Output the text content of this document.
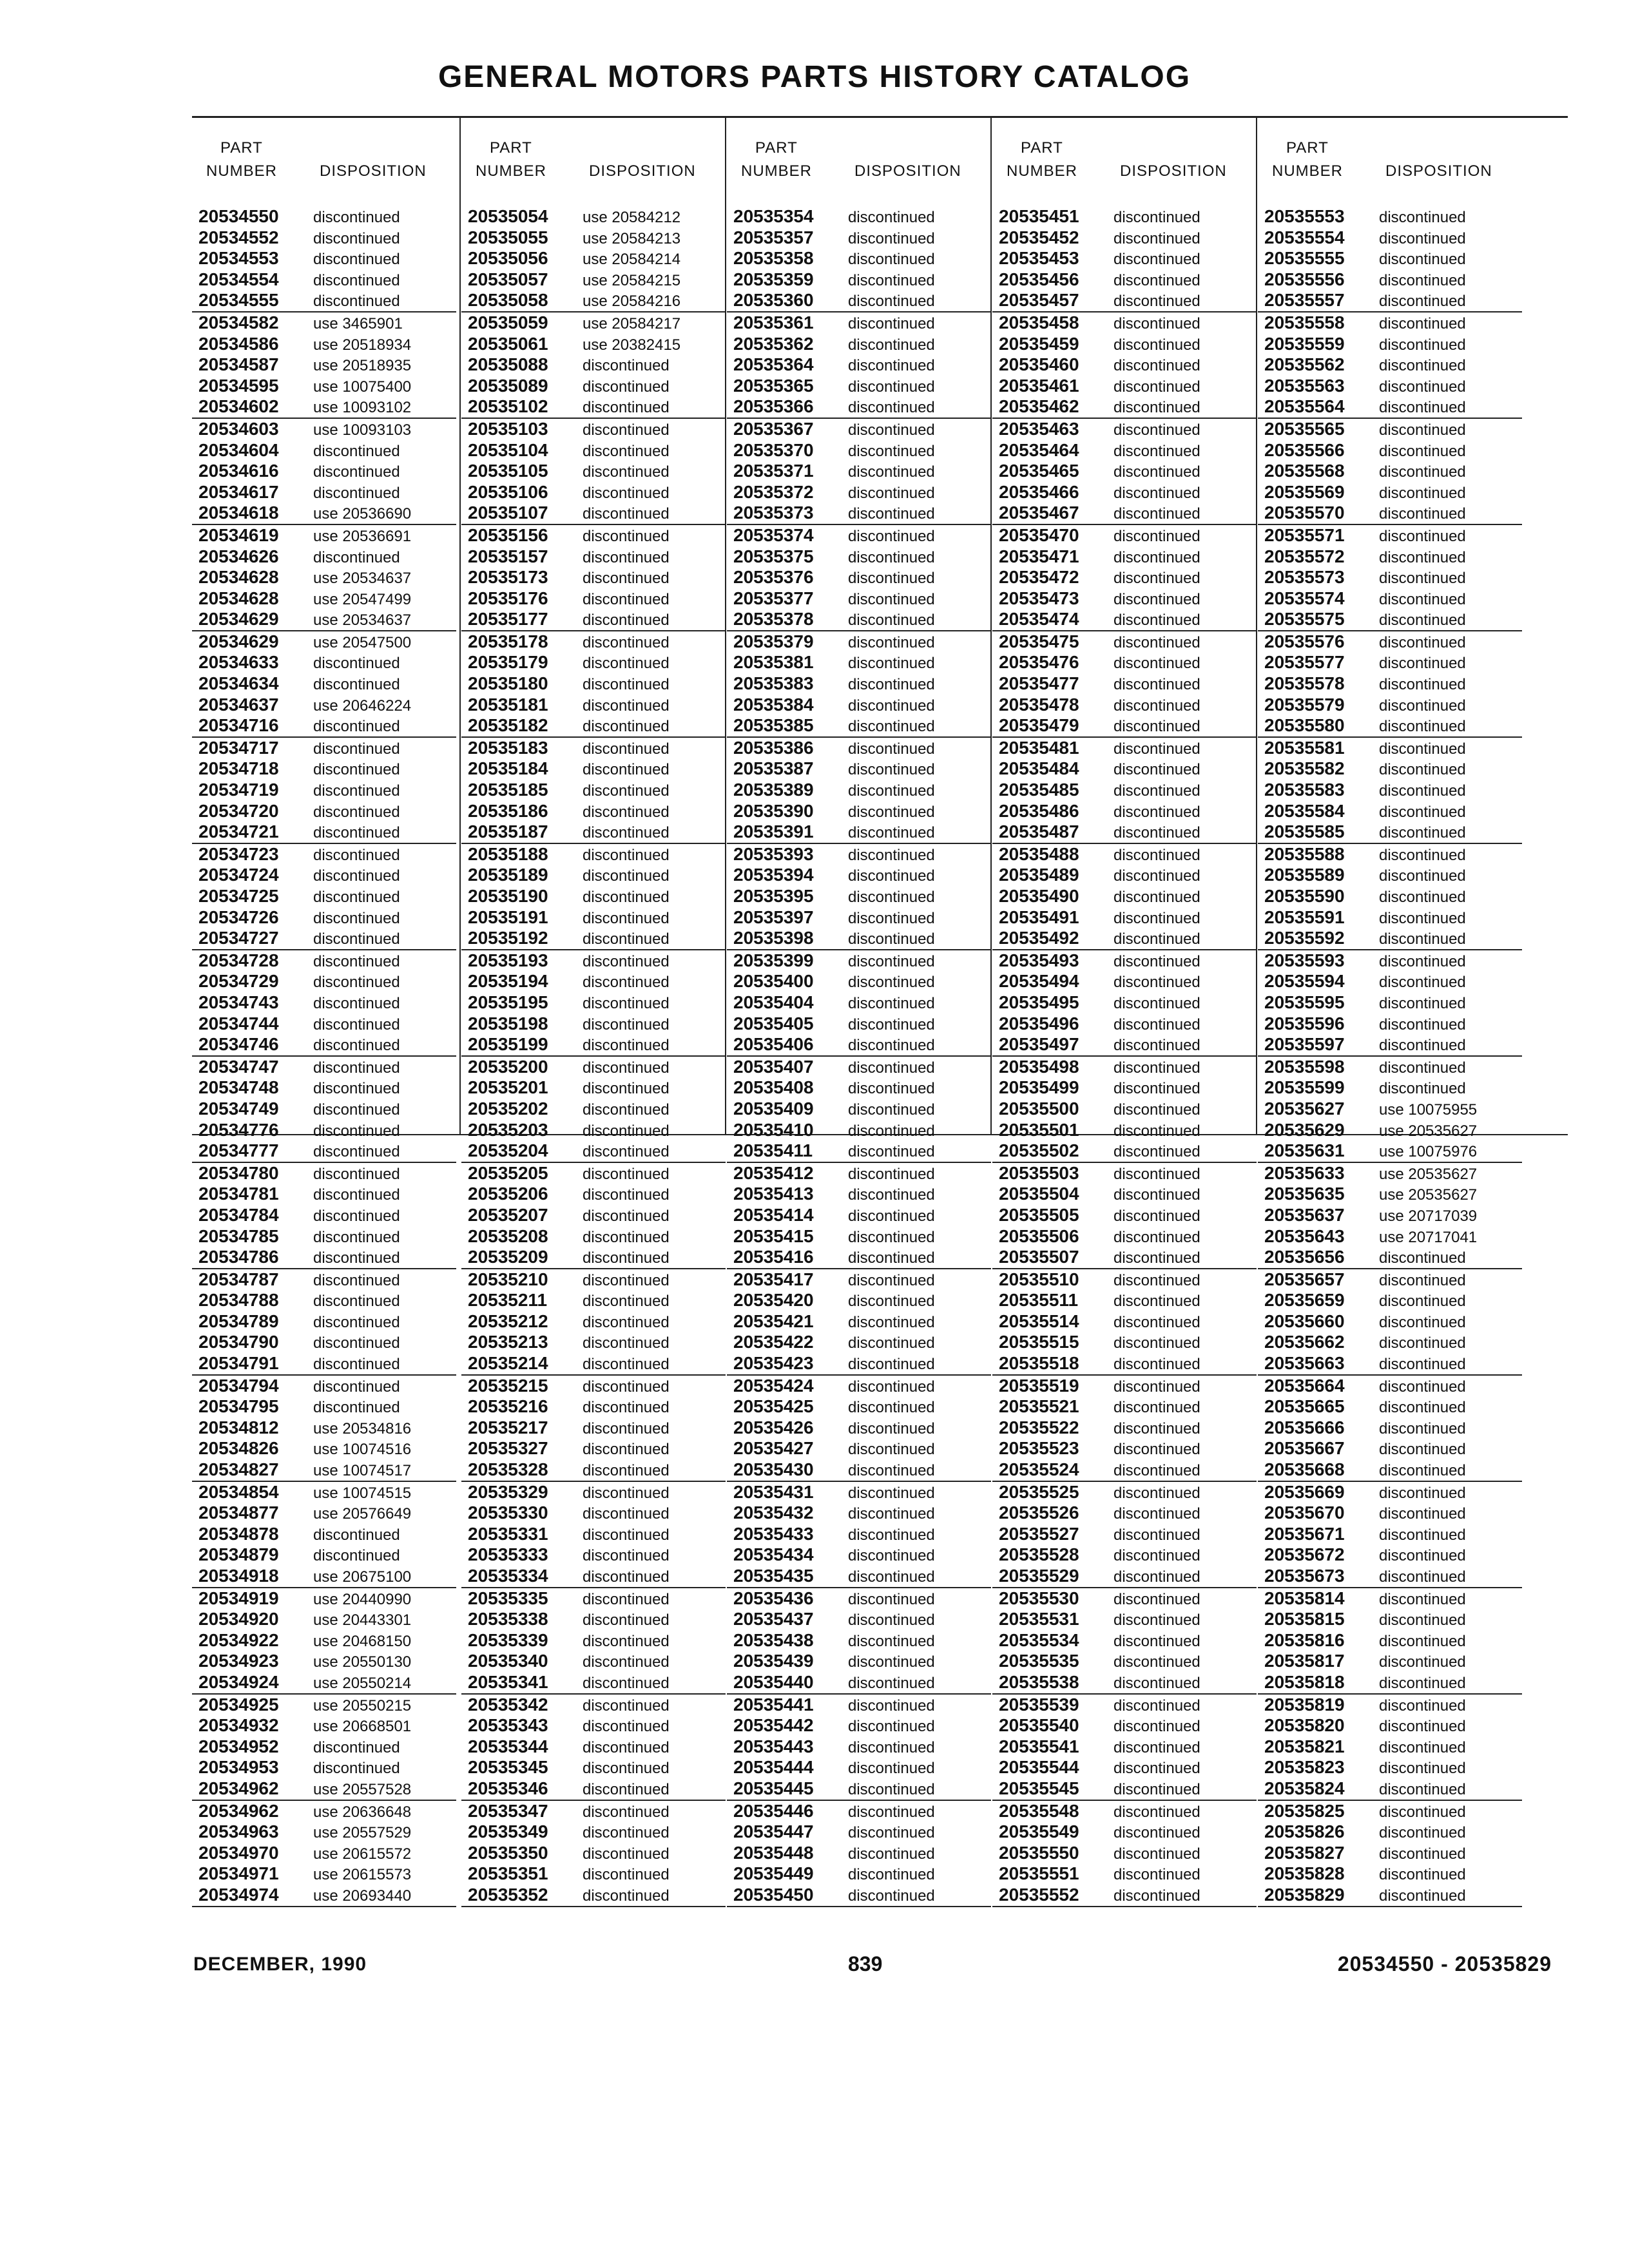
GENERAL MOTORS PARTS HISTORY CATALOG
PART
NUMBER	DISPOSITION
20534550 discontinued
20534552 discontinued
20534553 discontinued
20534554 discontinued
20534555 discontinued
20534582 use 3465901
20534586 use 20518934
20534587 use 20518935
20534595 use 10075400
20534602 use 10093102
20534603 use 10093103
20534604 discontinued
20534616 discontinued
20534617 discontinued
20534618 use 20536690
20534619 use 20536691
20534626 discontinued
20534628 use 20534637
20534628 use 20547499
20534629 use 20534637
20534629 use 20547500
20534633 discontinued
20534634 discontinued
20534637 use 20646224
20534716 discontinued
20534717 discontinued
20534718 discontinued
20534719 discontinued
20534720 discontinued
20534721 discontinued
20534723 discontinued
20534724 discontinued
20534725 discontinued
20534726 discontinued
20534727 discontinued
20534728 discontinued
20534729 discontinued
20534743 discontinued
20534744 discontinued
20534746 discontinued
20534747 discontinued
20534748 discontinued
20534749 discontinued
20534776 discontinued
20534777 discontinued
20534780 discontinued
20534781 discontinued
20534784 discontinued
20534785 discontinued
20534786 discontinued
20534787 discontinued
20534788 discontinued
20534789 discontinued
20534790 discontinued
20534791 discontinued
20534794 discontinued
20534795 discontinued
20534812 use 20534816
20534826 use 10074516
20534827 use 10074517
20534854 use 10074515
20534877 use 20576649
20534878 discontinued
20534879 discontinued
20534918 use 20675100
20534919 use 20440990
20534920 use 20443301
20534922 use 20468150
20534923 use 20550130
20534924 use 20550214
20534925 use 20550215
20534932 use 20668501
20534952 discontinued
20534953 discontinued
20534962 use 20557528
20534962 use 20636648
20534963 use 20557529
20534970 use 20615572
20534971 use 20615573
20534974 use 20693440
PART
NUMBER	DISPOSITION
20535054 use 20584212
20535055 use 20584213
20535056 use 20584214
20535057 use 20584215
20535058 use 20584216
20535059 use 20584217
20535061 use 20382415
20535088 discontinued
20535089 discontinued
20535102 discontinued
20535103 discontinued
20535104 discontinued
20535105 discontinued
20535106 discontinued
20535107 discontinued
20535156 discontinued
20535157 discontinued
20535173 discontinued
20535176 discontinued
20535177 discontinued
20535178 discontinued
20535179 discontinued
20535180 discontinued
20535181 discontinued
20535182 discontinued
20535183 discontinued
20535184 discontinued
20535185 discontinued
20535186 discontinued
20535187 discontinued
20535188 discontinued
20535189 discontinued
20535190 discontinued
20535191 discontinued
20535192 discontinued
20535193 discontinued
20535194 discontinued
20535195 discontinued
20535198 discontinued
20535199 discontinued
20535200 discontinued
20535201 discontinued
20535202 discontinued
20535203 discontinued
20535204 discontinued
20535205 discontinued
20535206 discontinued
20535207 discontinued
20535208 discontinued
20535209 discontinued
20535210 discontinued
20535211 discontinued
20535212 discontinued
20535213 discontinued
20535214 discontinued
20535215 discontinued
20535216 discontinued
20535217 discontinued
20535327 discontinued
20535328 discontinued
20535329 discontinued
20535330 discontinued
20535331 discontinued
20535333 discontinued
20535334 discontinued
20535335 discontinued
20535338 discontinued
20535339 discontinued
20535340 discontinued
20535341 discontinued
20535342 discontinued
20535343 discontinued
20535344 discontinued
20535345 discontinued
20535346 discontinued
20535347 discontinued
20535349 discontinued
20535350 discontinued
20535351 discontinued
20535352 discontinued
PART
NUMBER	DISPOSITION
20535354 discontinued
20535357 discontinued
20535358 discontinued
20535359 discontinued
20535360 discontinued
20535361 discontinued
20535362 discontinued
20535364 discontinued
20535365 discontinued
20535366 discontinued
20535367 discontinued
20535370 discontinued
20535371 discontinued
20535372 discontinued
20535373 discontinued
20535374 discontinued
20535375 discontinued
20535376 discontinued
20535377 discontinued
20535378 discontinued
20535379 discontinued
20535381 discontinued
20535383 discontinued
20535384 discontinued
20535385 discontinued
20535386 discontinued
20535387 discontinued
20535389 discontinued
20535390 discontinued
20535391 discontinued
20535393 discontinued
20535394 discontinued
20535395 discontinued
20535397 discontinued
20535398 discontinued
20535399 discontinued
20535400 discontinued
20535404 discontinued
20535405 discontinued
20535406 discontinued
20535407 discontinued
20535408 discontinued
20535409 discontinued
20535410 discontinued
20535411 discontinued
20535412 discontinued
20535413 discontinued
20535414 discontinued
20535415 discontinued
20535416 discontinued
20535417 discontinued
20535420 discontinued
20535421 discontinued
20535422 discontinued
20535423 discontinued
20535424 discontinued
20535425 discontinued
20535426 discontinued
20535427 discontinued
20535430 discontinued
20535431 discontinued
20535432 discontinued
20535433 discontinued
20535434 discontinued
20535435 discontinued
20535436 discontinued
20535437 discontinued
20535438 discontinued
20535439 discontinued
20535440 discontinued
20535441 discontinued
20535442 discontinued
20535443 discontinued
20535444 discontinued
20535445 discontinued
20535446 discontinued
20535447 discontinued
20535448 discontinued
20535449 discontinued
20535450 discontinued
PART
NUMBER	DISPOSITION
20535451 discontinued
20535452 discontinued
20535453 discontinued
20535456 discontinued
20535457 discontinued
20535458 discontinued
20535459 discontinued
20535460 discontinued
20535461 discontinued
20535462 discontinued
20535463 discontinued
20535464 discontinued
20535465 discontinued
20535466 discontinued
20535467 discontinued
20535470 discontinued
20535471 discontinued
20535472 discontinued
20535473 discontinued
20535474 discontinued
20535475 discontinued
20535476 discontinued
20535477 discontinued
20535478 discontinued
20535479 discontinued
20535481 discontinued
20535484 discontinued
20535485 discontinued
20535486 discontinued
20535487 discontinued
20535488 discontinued
20535489 discontinued
20535490 discontinued
20535491 discontinued
20535492 discontinued
20535493 discontinued
20535494 discontinued
20535495 discontinued
20535496 discontinued
20535497 discontinued
20535498 discontinued
20535499 discontinued
20535500 discontinued
20535501 discontinued
20535502 discontinued
20535503 discontinued
20535504 discontinued
20535505 discontinued
20535506 discontinued
20535507 discontinued
20535510 discontinued
20535511 discontinued
20535514 discontinued
20535515 discontinued
20535518 discontinued
20535519 discontinued
20535521 discontinued
20535522 discontinued
20535523 discontinued
20535524 discontinued
20535525 discontinued
20535526 discontinued
20535527 discontinued
20535528 discontinued
20535529 discontinued
20535530 discontinued
20535531 discontinued
20535534 discontinued
20535535 discontinued
20535538 discontinued
20535539 discontinued
20535540 discontinued
20535541 discontinued
20535544 discontinued
20535545 discontinued
20535548 discontinued
20535549 discontinued
20535550 discontinued
20535551 discontinued
20535552 discontinued
PART
NUMBER	DISPOSITION
20535553 discontinued
20535554 discontinued
20535555 discontinued
20535556 discontinued
20535557 discontinued
20535558 discontinued
20535559 discontinued
20535562 discontinued
20535563 discontinued
20535564 discontinued
20535565 discontinued
20535566 discontinued
20535568 discontinued
20535569 discontinued
20535570 discontinued
20535571 discontinued
20535572 discontinued
20535573 discontinued
20535574 discontinued
20535575 discontinued
20535576 discontinued
20535577 discontinued
20535578 discontinued
20535579 discontinued
20535580 discontinued
20535581 discontinued
20535582 discontinued
20535583 discontinued
20535584 discontinued
20535585 discontinued
20535588 discontinued
20535589 discontinued
20535590 discontinued
20535591 discontinued
20535592 discontinued
20535593 discontinued
20535594 discontinued
20535595 discontinued
20535596 discontinued
20535597 discontinued
20535598 discontinued
20535599 discontinued
20535627 use 10075955
20535629 use 20535627
20535631 use 10075976
20535633 use 20535627
20535635 use 20535627
20535637 use 20717039
20535643 use 20717041
20535656 discontinued
20535657 discontinued
20535659 discontinued
20535660 discontinued
20535662 discontinued
20535663 discontinued
20535664 discontinued
20535665 discontinued
20535666 discontinued
20535667 discontinued
20535668 discontinued
20535669 discontinued
20535670 discontinued
20535671 discontinued
20535672 discontinued
20535673 discontinued
20535814 discontinued
20535815 discontinued
20535816 discontinued
20535817 discontinued
20535818 discontinued
20535819 discontinued
20535820 discontinued
20535821 discontinued
20535823 discontinued
20535824 discontinued
20535825 discontinued
20535826 discontinued
20535827 discontinued
20535828 discontinued
20535829 discontinued
DECEMBER, 1990	839	20534550 - 20535829
